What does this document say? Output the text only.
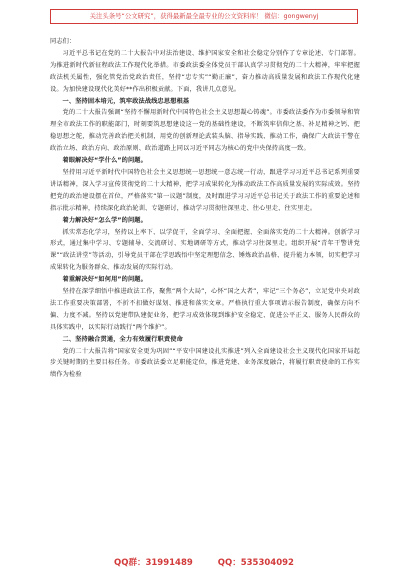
关注头条号“公文研究”，获得最新最全最专业的公文资料库！ 微信：gongwenyj

同志们：

习近平总书记在党的二十大报告中对法治建设、维护国家安全和社会稳定分别作了专章论述、专门部署。为推进新时代新征程政法工作现代化举措。市委政法委全体党员干部认真学习贯彻党的二十大精神，牢牢把握政法机关属性，强化管党治党政治责任，坚持“忠专实”“勤正廉”，奋力推动高质量发展和政法工作现代化建设。为加快建设现代化美好**作出积极贡献。下面，我讲几点意见。

一、坚持固本培元，筑牢政法战线忠思想根基

党的二十大报告强调“坚持不懈用新时代中国特色社会主义思想凝心铸魂”。市委政法委作为市委领导和管理全市政法工作的职能部门，时刻要筑思想建设这一党的基础性建设，不断筑牢信仰之基、补足精神之钙、把稳思想之舵，推动完善政治把关机制，用党的创新理论武装头脑、指导实践、推动工作，确保广大政法干警在政治立场、政治方向、政治原则、政治道路上同以习近平同志为核心的党中央保持高度一致。

着眼解决好“学什么”的问题。

坚持用习近平新时代中国特色社会主义思想统一思想统一意志统一行动，跟进学习习近平总书记系列重要讲话精神，深入学习宣传贯彻党的二十大精神，把学习成果转化为推动政法工作高质量发展的实际成效。坚持把党的政治建设摆在首位，严格落实“第一议题”制度，及时跟进学习习近平总书记关于政法工作的重要论述和指示批示精神，持续深化政治轮训、专题研讨，推动学习贯彻往深里走、往心里走、往实里走。

着力解决好“怎么学”的问题。

抓实常态化学习，坚持以上率下、以学促干，全面学习、全面把握、全面落实党的二十大精神。创新学习形式，通过集中学习、专题辅导、交流研讨、实地调研等方式，推动学习往深里走。组织开展“青年干警讲党课”“政法讲堂”等活动，引导党员干部在学思践悟中坚定理想信念、锤炼政治品格、提升能力本领，切实把学习成果转化为服务群众、推动发展的实际行动。

着重解决好“如何用”的问题。

坚持在深学细悟中推进政法工作，聚焦“两个大局”，心怀“国之大者”，牢记“三个务必”，立足党中央对政法工作重要决策部署，不折不扣做好谋划、推进和落实文章。严格执行重大事项请示报告制度，确保方向不偏、力度不减。坚持以党建带队建促业务，把学习成效体现到维护安全稳定、促进公平正义、服务人民群众的具体实践中，以实际行动践行“两个维护”。

二、坚持融合贯通，全力有效履行职责使命

党的二十大报告将“国家安全更为巩固”“平安中国建设扎实推进”列入全面建设社会主义现代化国家开局起步关键时期的主要目标任务。市委政法委立足职能定位，推进党建、业务深度融合，将履行职责使命的工作实绩作为检验

QQ群：31991489	QQ：535304092
